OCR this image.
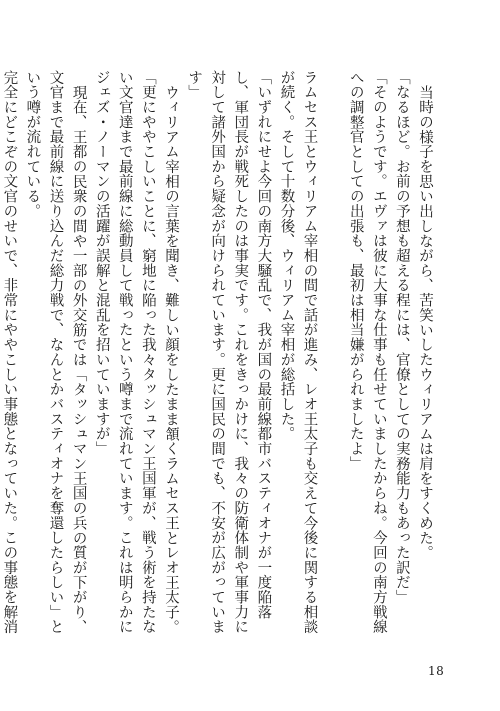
当時の様子を思い出しながら、苦笑いしたウィリアムは肩をすくめた。

「なるほど。お前の予想も超える程には、官僚としての実務能力もあった訳だ」

「そのようです。エヴァは彼に大事な仕事も任せていましたからね。今回の南方戦線への調整官としての出張も、最初は相当嫌がられましたよ」

ラムセス王とウィリアム宰相の間で話が進み、レオ王太子も交えて今後に関する相談が続く。そして十数分後、ウィリアム宰相が総括した。

「いずれにせよ今回の南方大騒乱で、我が国の最前線都市バスティオナが一度陥落し、軍団長が戦死したのは事実です。これをきっかけに、我々の防衛体制や軍事力に対して諸外国から疑念が向けられています。更に国民の間でも、不安が広がっています」

ウィリアム宰相の言葉を聞き、難しい顔をしたまま頷くラムセス王とレオ王太子。

「更にややこしいことに、窮地に陥った我々タッシュマン王国軍が、戦う術を持たない文官達まで最前線に総動員して戦ったという噂まで流れています。これは明らかにジェズ・ノーマンの活躍が誤解と混乱を招いていますが」

現在、王都の民衆の間や一部の外交筋では「タッシュマン王国の兵の質が下がり、文官まで最前線に送り込んだ総力戦で、なんとかバスティオナを奪還したらしい」という噂が流れている。

完全にどこぞの文官のせいで、非常にややこしい事態となっていた。この事態を解消

18
